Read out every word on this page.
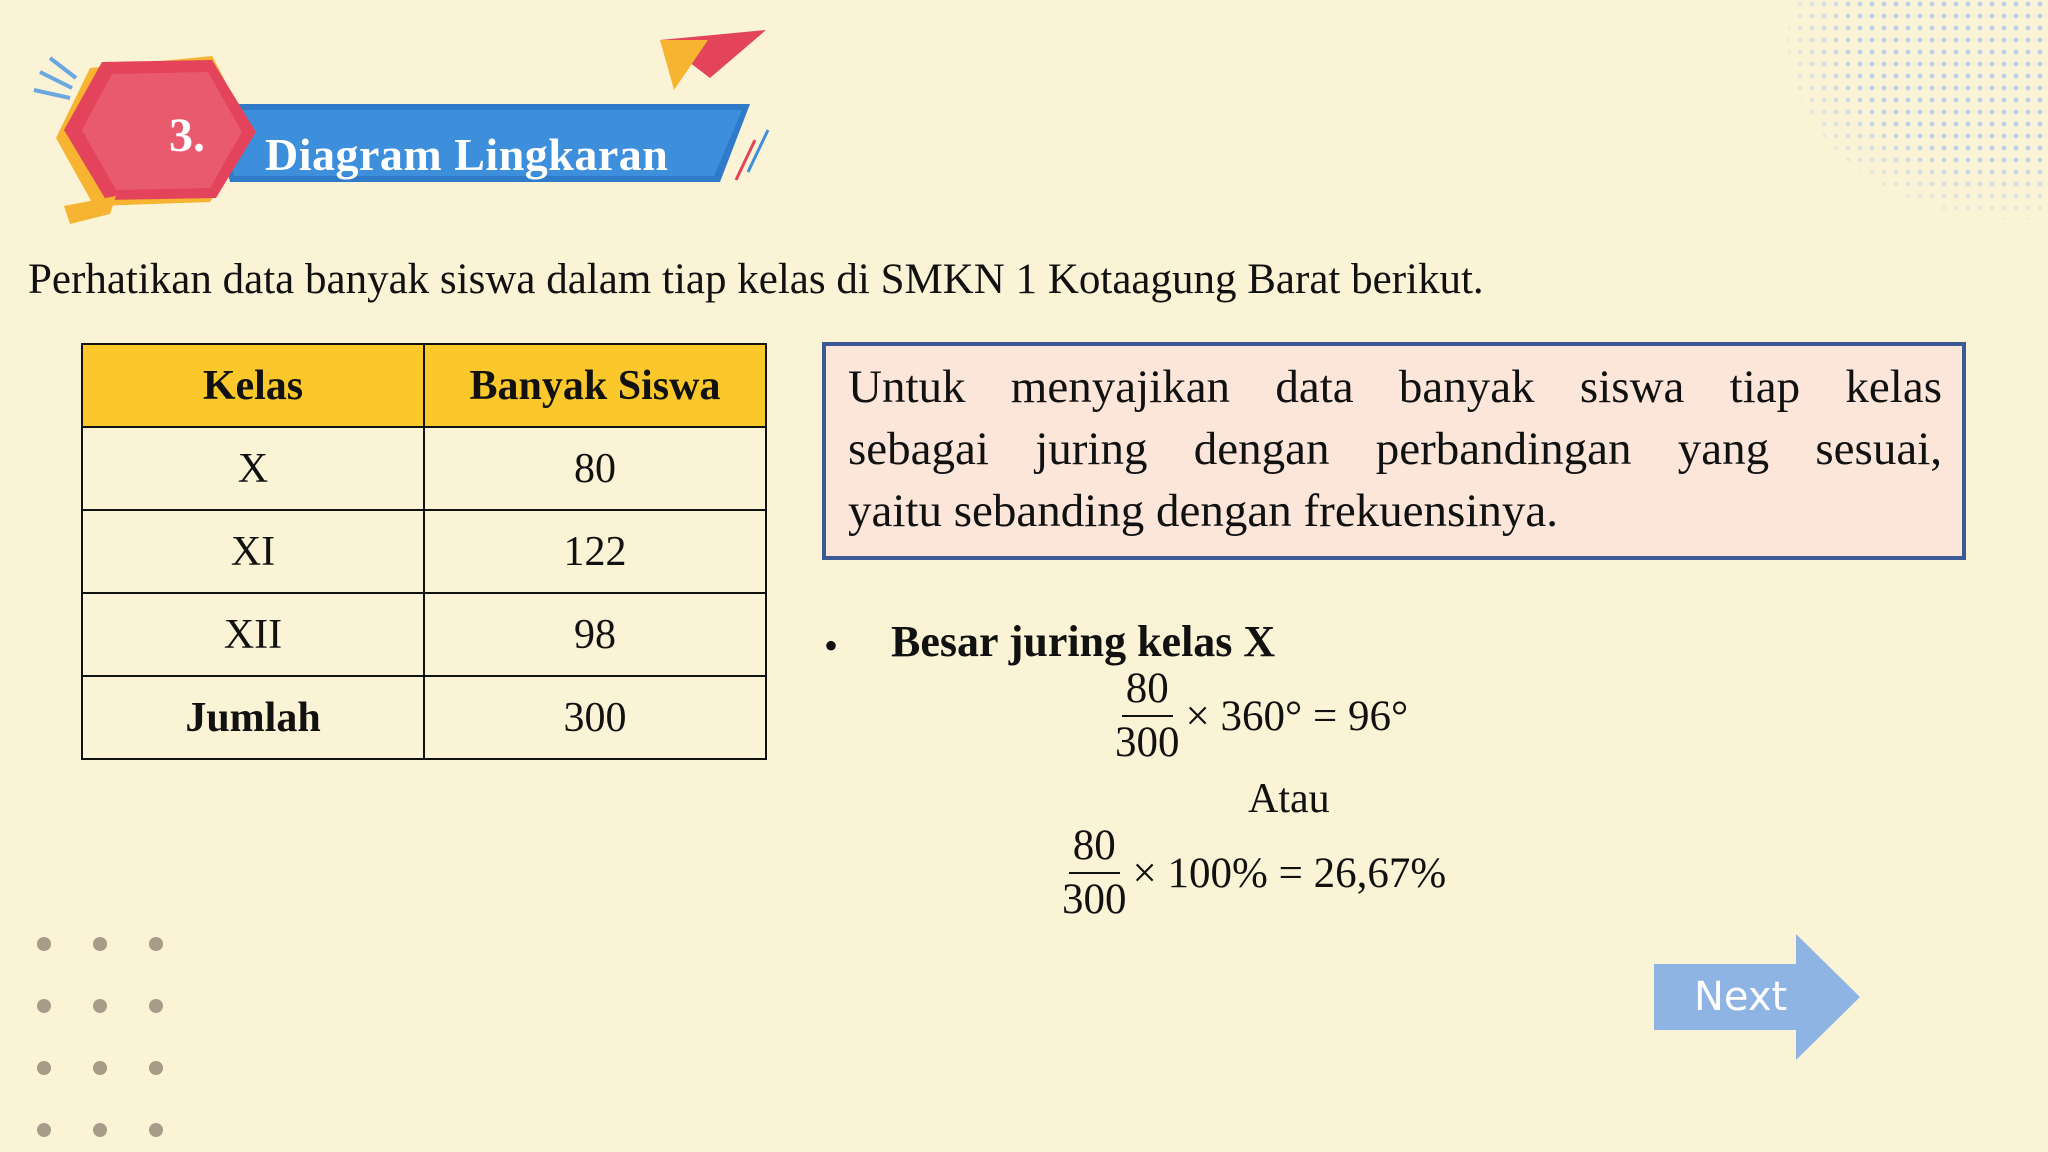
3.	Diagram Lingkaran
Perhatikan data banyak siswa dalam tiap kelas di SMKN 1 Kotaagung Barat berikut.
Kelas	Banyak Siswa
X	80
XI	122
XII	98
Jumlah	300
Untuk menyajikan data banyak siswa tiap kelas
sebagai juring dengan perbandingan yang sesuai,
yaitu sebanding dengan frekuensinya.
• Besar juring kelas X
$\frac{80}{300} \times 360^\circ = 96^\circ$
Atau
$\frac{80}{300} \times 100\% = 26,67\%$
Next
